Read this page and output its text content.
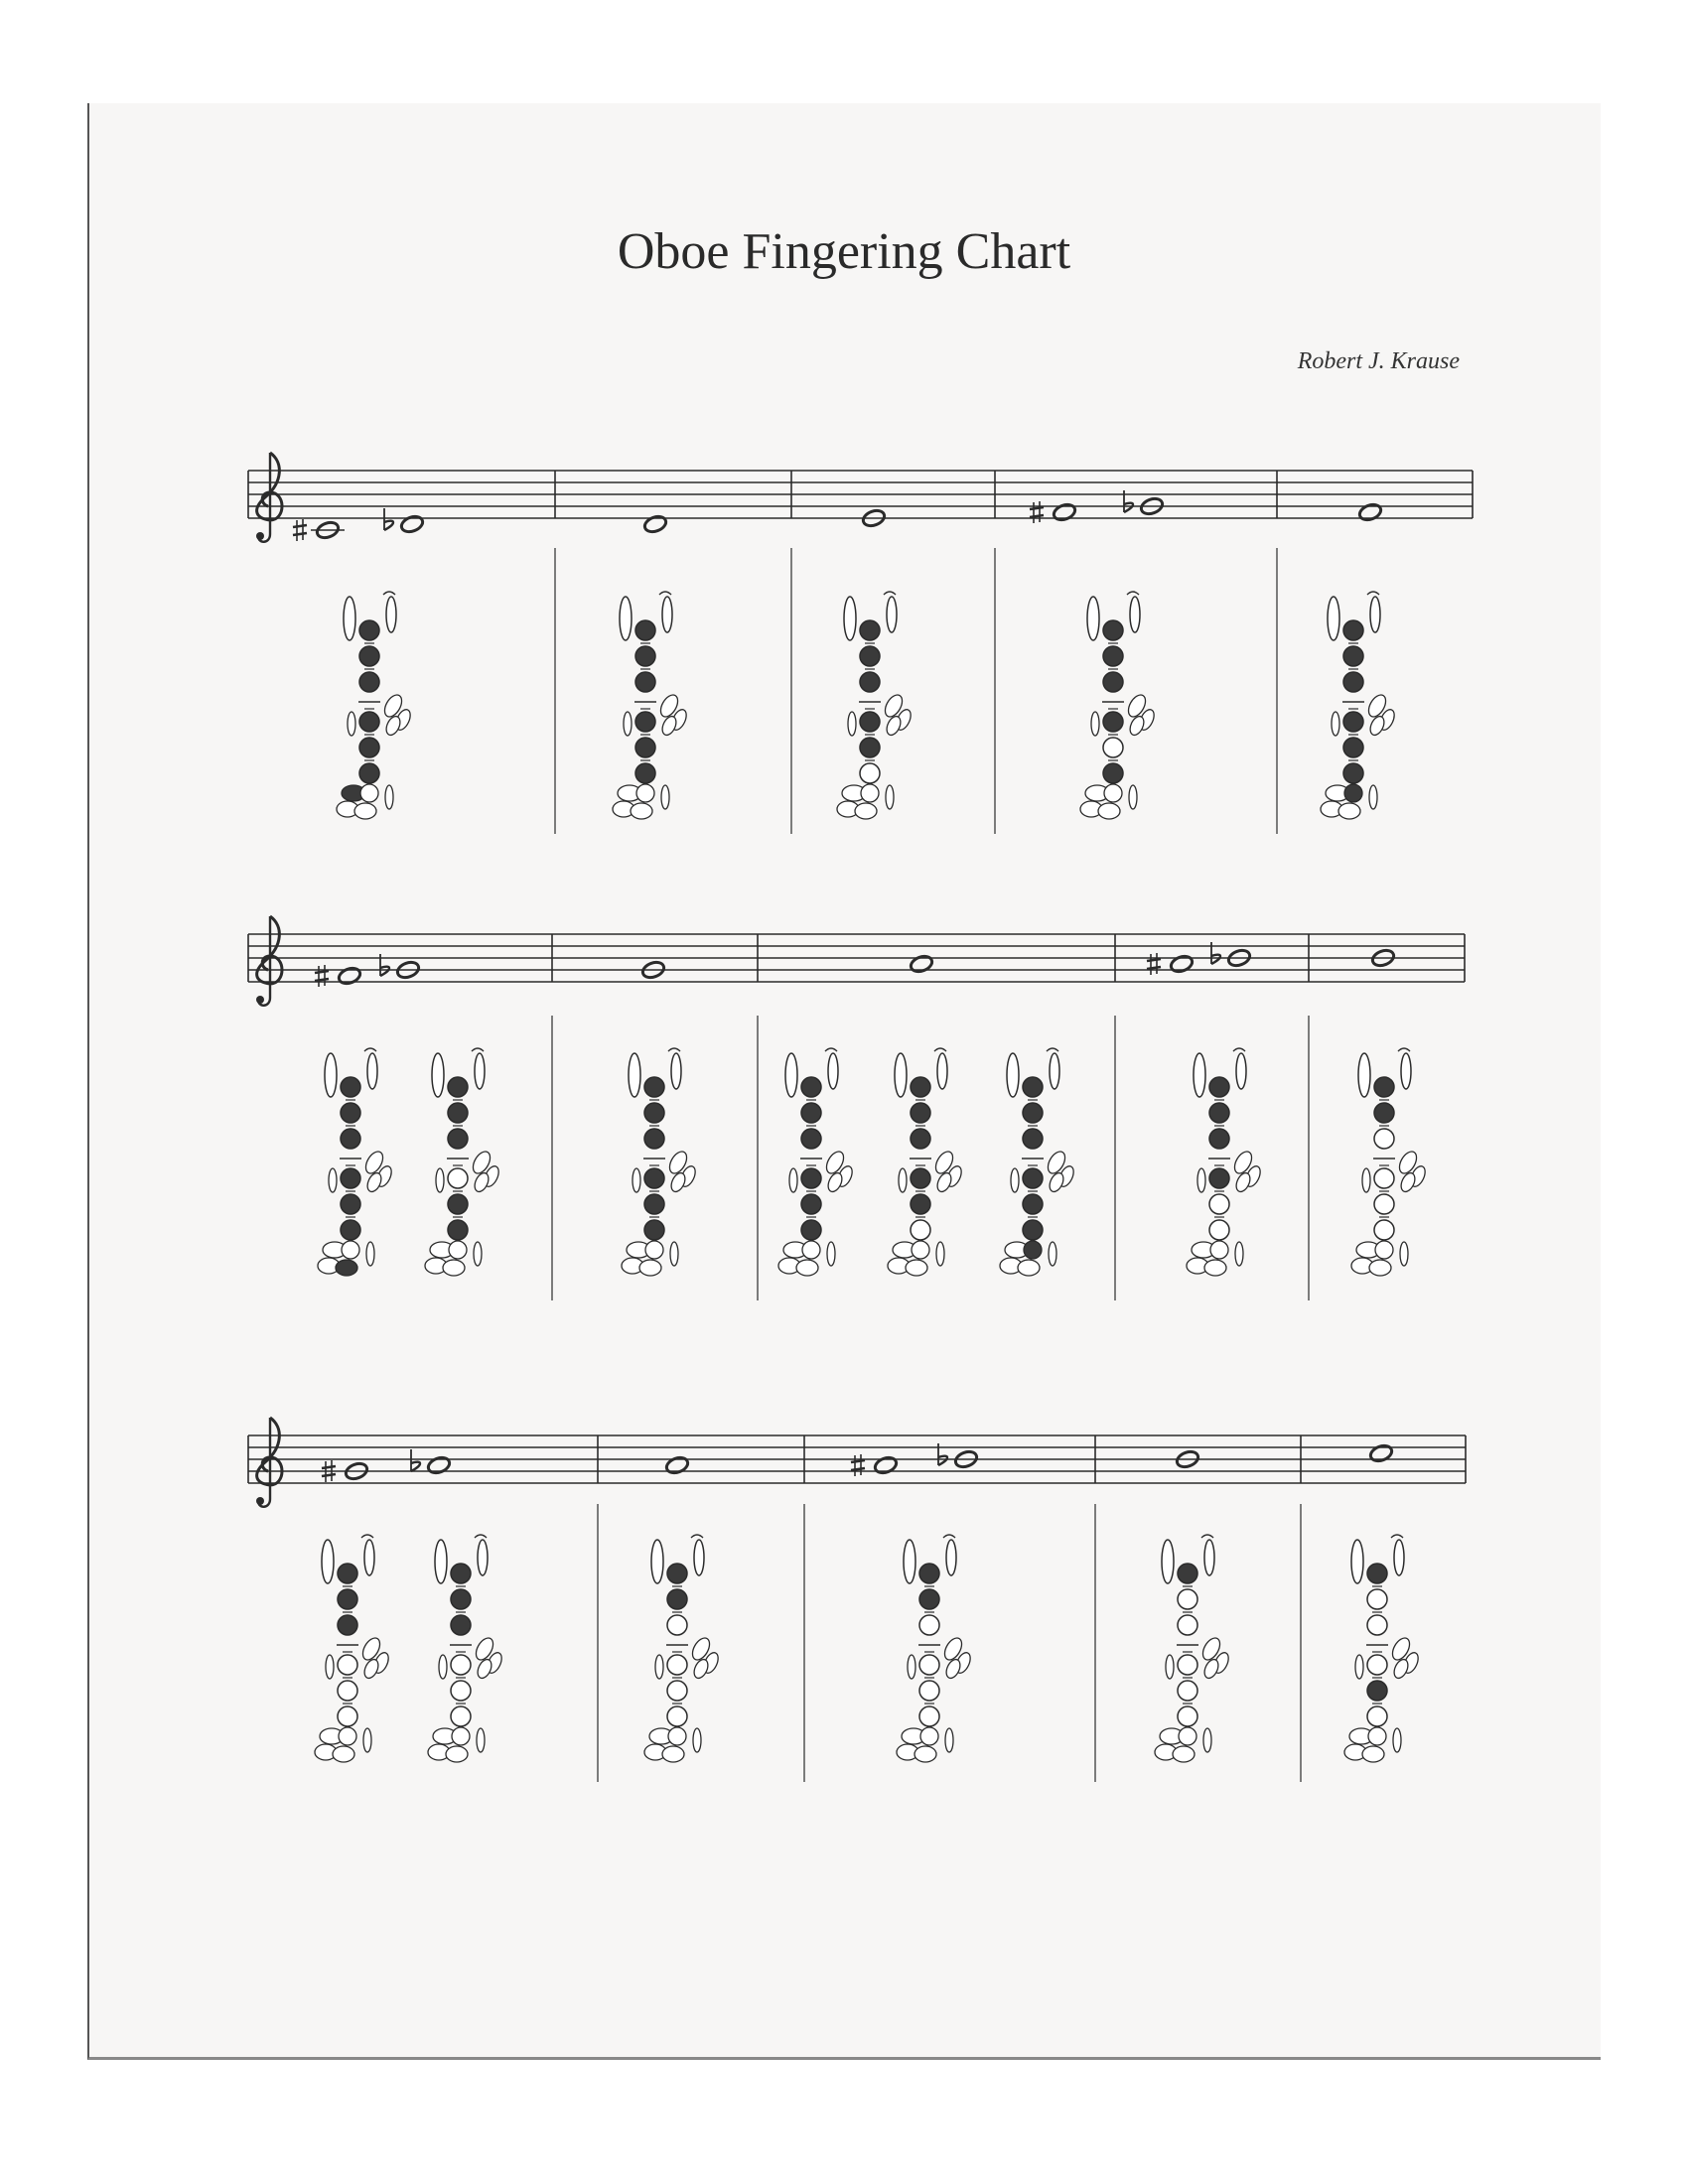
Oboe Fingering Chart
Robert J. Krause
